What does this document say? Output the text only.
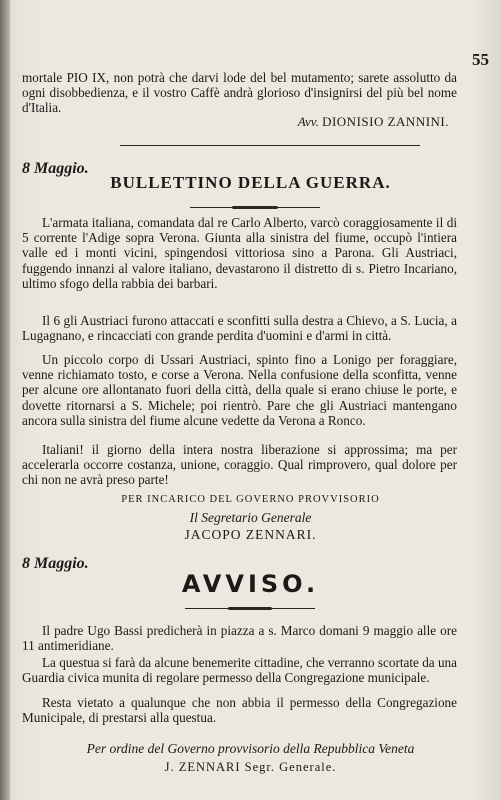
55
mortale PIO IX, non potrà che darvi lode del bel mutamento; sarete assolutto da ogni disobbedienza, e il vostro Caffè andrà glorioso d'insignirsi del più bel nome d'Italia.
Avv. DIONISIO ZANNINI.
8 Maggio.
BULLETTINO DELLA GUERRA.
L'armata italiana, comandata dal re Carlo Alberto, varcò coraggiosamente il di 5 corrente l'Adige sopra Verona. Giunta alla sinistra del fiume, occupò l'intiera valle ed i monti vicini, spingendosi vittoriosa sino a Parona. Gli Austriaci, fuggendo innanzi al valore italiano, devastarono il distretto di s. Pietro Incariano, ultimo sfogo della rabbia dei barbari.
Il 6 gli Austriaci furono attaccati e sconfitti sulla destra a Chievo, a S. Lucia, a Lugagnano, e rincacciati con grande perdita d'uomini e d'armi in città.
Un piccolo corpo di Ussari Austriaci, spinto fino a Lonigo per foraggiare, venne richiamato tosto, e corse a Verona. Nella confusione della sconfitta, venne per alcune ore allontanato fuori della città, della quale si erano chiuse le porte, e dovette ritornarsi a S. Michele; poi rientrò. Pare che gli Austriaci mantengano ancora sulla sinistra del fiume alcune vedette da Verona a Ronco.
Italiani! il giorno della intera nostra liberazione si approssima; ma per accelerarla occorre costanza, unione, coraggio. Qual rimprovero, qual dolore per chi non ne avrà preso parte!
PER INCARICO DEL GOVERNO PROVVISORIO
Il Segretario Generale
JACOPO ZENNARI.
8 Maggio.
AVVISO.
Il padre Ugo Bassi predicherà in piazza a s. Marco domani 9 maggio alle ore 11 antimeridiane.
La questua si farà da alcune benemerite cittadine, che verranno scortate da una Guardia civica munita di regolare permesso della Congregazione municipale.
Resta vietato a qualunque che non abbia il permesso della Congregazione Municipale, di prestarsi alla questua.
Per ordine del Governo provvisorio della Repubblica Veneta
J. ZENNARI Segr. Generale.
